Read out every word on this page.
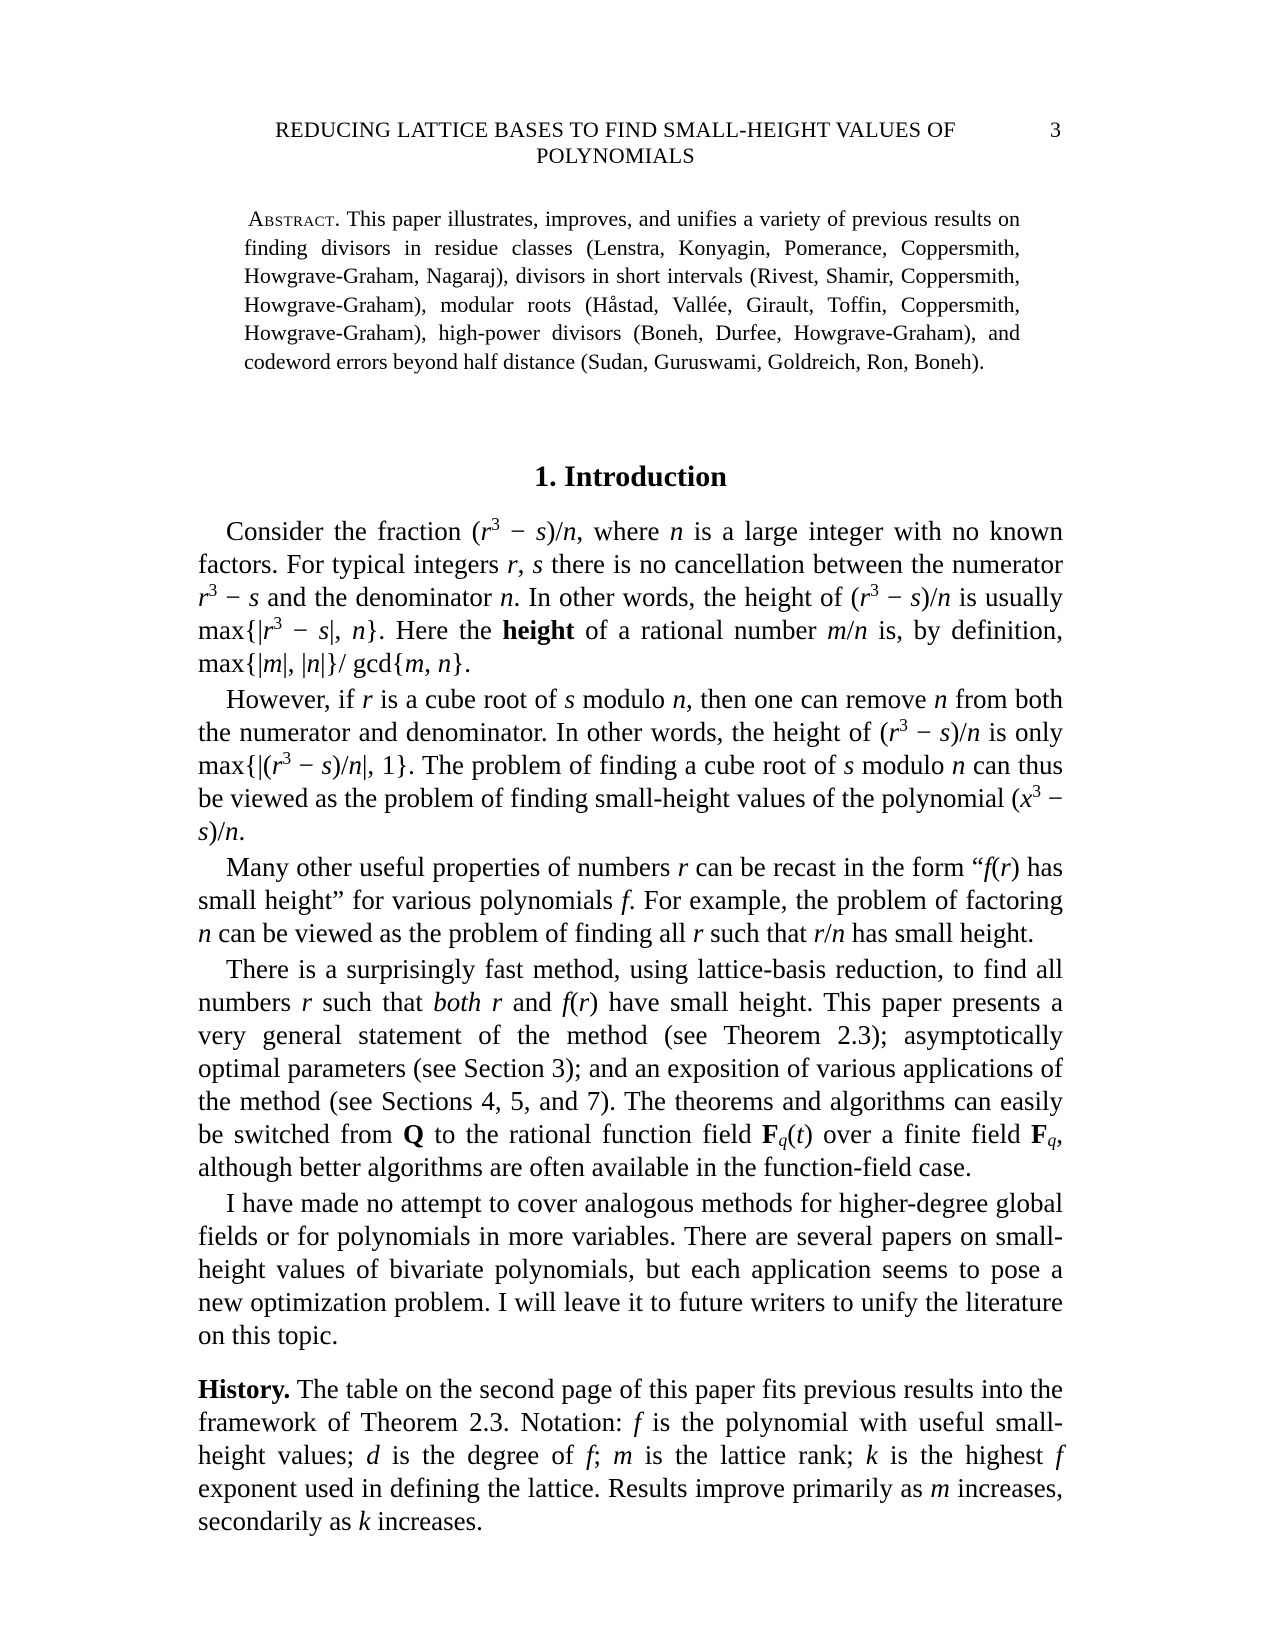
REDUCING LATTICE BASES TO FIND SMALL-HEIGHT VALUES OF POLYNOMIALS
3
Abstract. This paper illustrates, improves, and unifies a variety of previous results on finding divisors in residue classes (Lenstra, Konyagin, Pomerance, Coppersmith, Howgrave-Graham, Nagaraj), divisors in short intervals (Rivest, Shamir, Coppersmith, Howgrave-Graham), modular roots (Håstad, Vallée, Girault, Toffin, Coppersmith, Howgrave-Graham), high-power divisors (Boneh, Durfee, Howgrave-Graham), and codeword errors beyond half distance (Sudan, Guruswami, Goldreich, Ron, Boneh).
1. Introduction

Consider the fraction $(r^3 - s)/n$, where n is a large integer with no known factors. For typical integers r, s there is no cancellation between the numerator $r^3 - s$ and the denominator n. In other words, the height of $(r^3 - s)/n$ is usually $\max\{|r^3 - s|$, n}. Here the height of a rational number m/n is, by definition, max{|m|, |n|}/ gcd{m, n}.

However, if r is a cube root of s modulo n, then one can remove n from both the numerator and denominator. In other words, the height of $(r^3 - s)/n$ is only $\max\{|(r^3 - s)/n|$, 1}. The problem of finding a cube root of s modulo n can thus be viewed as the problem of finding small-height values of the polynomial $(x^3 - s)/n$.

Many other useful properties of numbers r can be recast in the form “f(r) has small height” for various polynomials f. For example, the problem of factoring n can be viewed as the problem of finding all r such that r/n has small height.

There is a surprisingly fast method, using lattice-basis reduction, to find all numbers r such that both r and f(r) have small height. This paper presents a very general statement of the method (see Theorem 2.3); asymptotically optimal parameters (see Section 3); and an exposition of various applications of the method (see Sections 4, 5, and 7). The theorems and algorithms can easily be switched from Q to the rational function field Fq(t) over a finite field Fq, although better algorithms are often available in the function-field case.

I have made no attempt to cover analogous methods for higher-degree global fields or for polynomials in more variables. There are several papers on small-height values of bivariate polynomials, but each application seems to pose a new optimization problem. I will leave it to future writers to unify the literature on this topic.

History. The table on the second page of this paper fits previous results into the framework of Theorem 2.3. Notation: f is the polynomial with useful small-height values; d is the degree of f; m is the lattice rank; k is the highest f exponent used in defining the lattice. Results improve primarily as m increases, secondarily as k increases.
